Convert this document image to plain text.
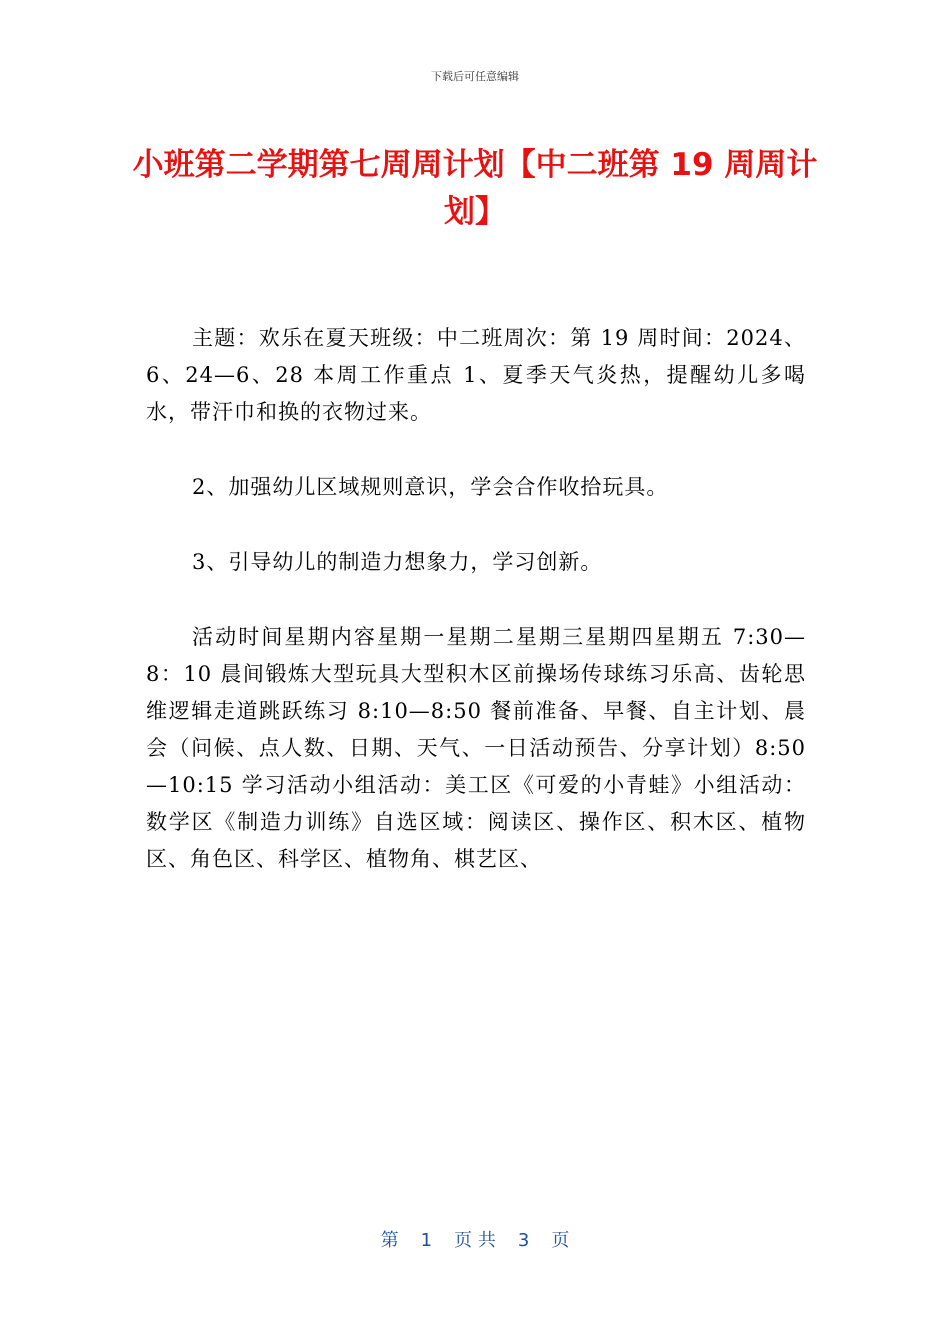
下载后可任意编辑
小班第二学期第七周周计划【中二班第 19 周周计划】

主题：欢乐在夏天班级：中二班周次：第 19 周时间：2024、6、24—6、28 本周工作重点 1、夏季天气炎热，提醒幼儿多喝水，带汗巾和换的衣物过来。

2、加强幼儿区域规则意识，学会合作收拾玩具。

3、引导幼儿的制造力想象力，学习创新。

活动时间星期内容星期一星期二星期三星期四星期五 7:30—8：10 晨间锻炼大型玩具大型积木区前操场传球练习乐高、齿轮思维逻辑走道跳跃练习 8:10—8:50 餐前准备、早餐、自主计划、晨会（问候、点人数、日期、天气、一日活动预告、分享计划）8:50—10:15 学习活动小组活动：美工区《可爱的小青蛙》小组活动：数学区《制造力训练》自选区域：阅读区、操作区、积木区、植物区、角色区、科学区、植物角、棋艺区、

第 1 页 共 3 页
